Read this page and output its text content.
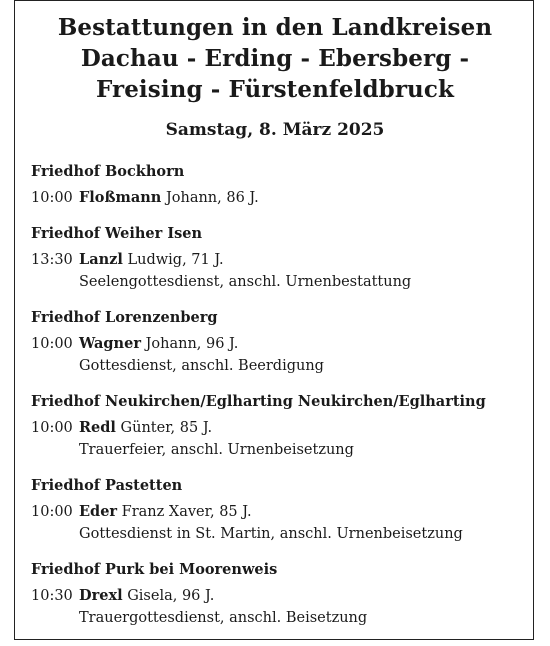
Bestattungen in den Landkreisen
Dachau - Erding - Ebersberg -
Freising - Fürstenfeldbruck
Samstag, 8. März 2025
Friedhof Bockhorn
10:00 Floßmann Johann, 86 J.
Friedhof Weiher Isen
13:30 Lanzl Ludwig, 71 J.
Seelengottesdienst, anschl. Urnenbestattung
Friedhof Lorenzenberg
10:00 Wagner Johann, 96 J.
Gottesdienst, anschl. Beerdigung
Friedhof Neukirchen/Eglharting Neukirchen/Eglharting
10:00 Redl Günter, 85 J.
Trauerfeier, anschl. Urnenbeisetzung
Friedhof Pastetten
10:00 Eder Franz Xaver, 85 J.
Gottesdienst in St. Martin, anschl. Urnenbeisetzung
Friedhof Purk bei Moorenweis
10:30 Drexl Gisela, 96 J.
Trauergottesdienst, anschl. Beisetzung
